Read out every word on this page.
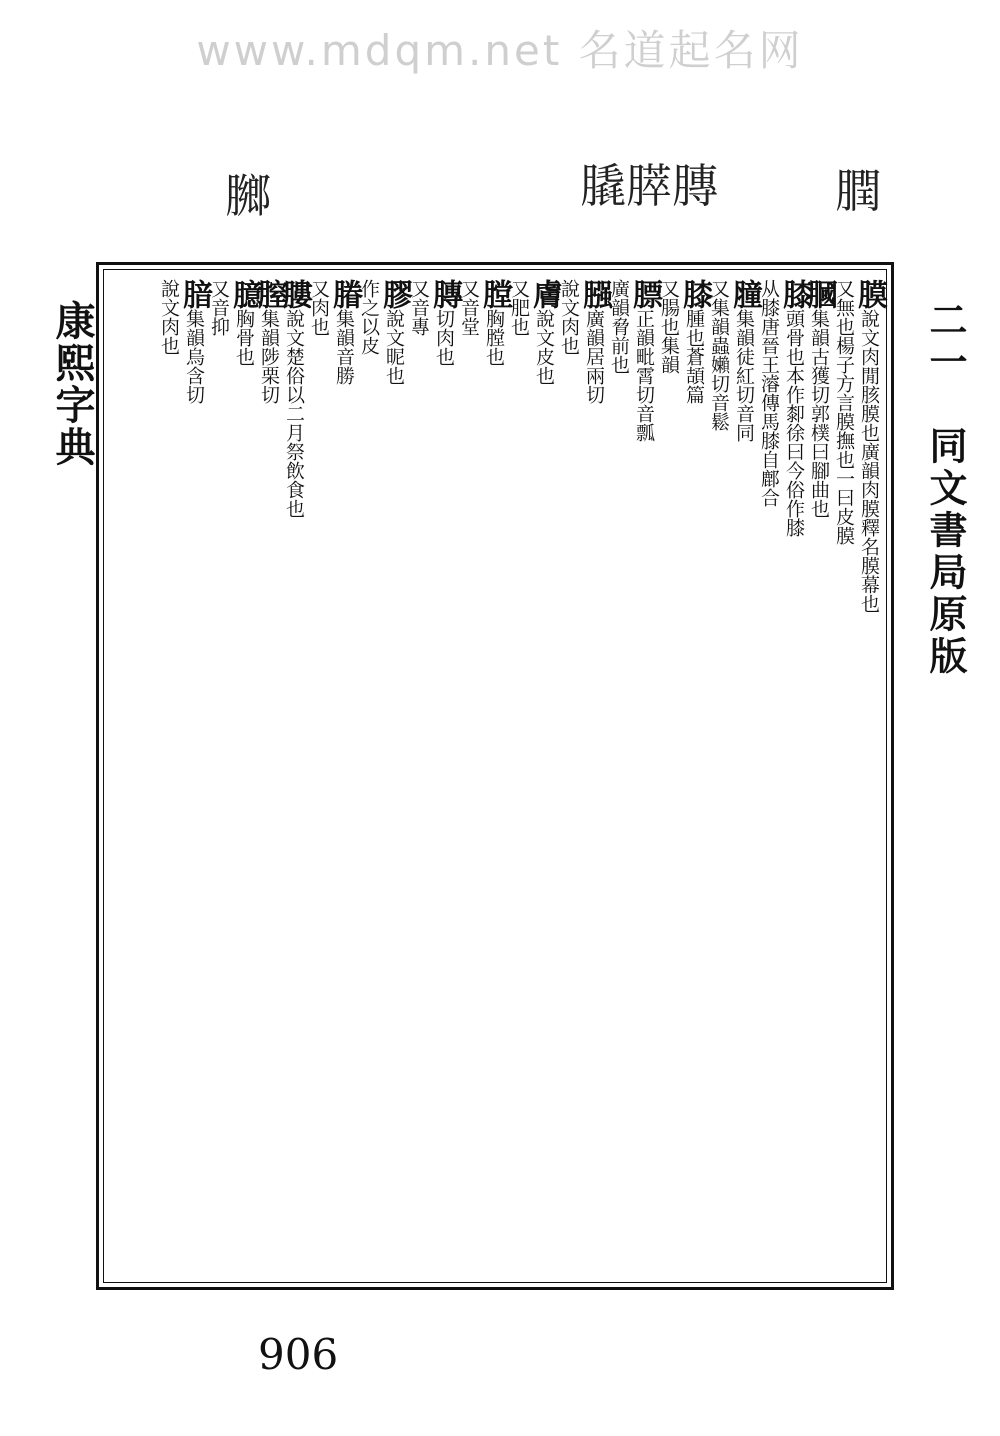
www.mdqm.net 名道起名网
膶
膬膵膞
膷
康熙字典	二一　同文書局原版
膜說文肉閒胲膜也廣韻肉膜釋名膜幕也
又無也楊子方言膜撫也一曰皮膜
膕集韻古獲切郭樸曰腳曲也
膝頭骨也本作厀徐曰今俗作膝
从膝唐晉王濬傳馬膝自鄜合
膧集韻徒紅切音同
又集韻蟲嬾切音鬆
膝腫也蒼頡篇
又腸也集韻
膘正韻毗霄切音瓢
廣韻脅前也
膙廣韻居兩切
說文肉也
膚說文皮也
又肥也
膛胸膛也
又音堂
膞切肉也
又音專
膠說文昵也
作之以皮
膡集韻音勝
又肉也
膢說文楚俗以二月祭飲食也
膣集韻陟栗切
臆胸骨也
又音抑
腤集韻烏含切
說文肉也
906
